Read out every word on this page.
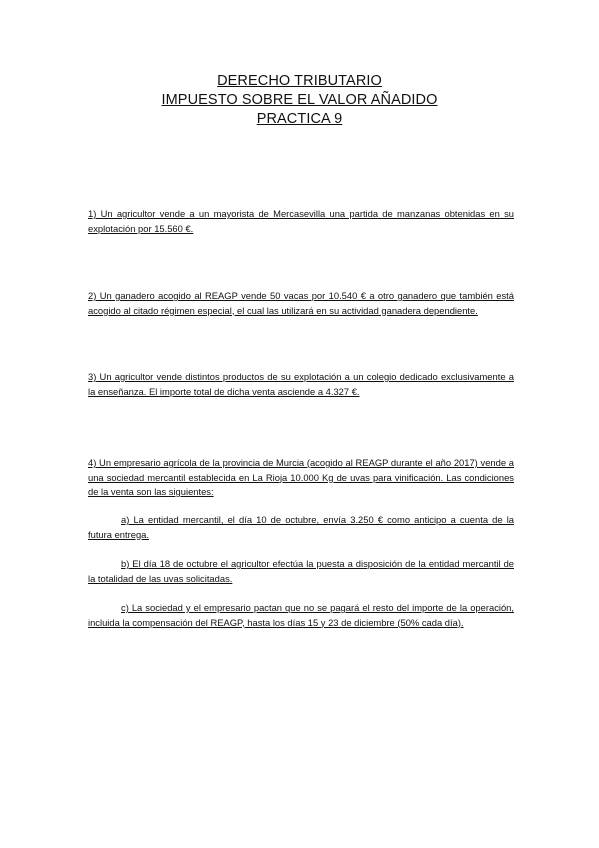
DERECHO TRIBUTARIO
IMPUESTO SOBRE EL VALOR AÑADIDO
PRACTICA 9

1) Un agricultor vende a un mayorista de Mercasevilla una partida de manzanas obtenidas en su explotación por 15.560 €.

2) Un ganadero acogido al REAGP vende 50 vacas por 10.540 € a otro ganadero que también está acogido al citado régimen especial, el cual las utilizará en su actividad ganadera dependiente.

3) Un agricultor vende distintos productos de su explotación a un colegio dedicado exclusivamente a la enseñanza. El importe total de dicha venta asciende a 4.327 €.

4) Un empresario agrícola de la provincia de Murcia (acogido al REAGP durante el año 2017) vende a una sociedad mercantil establecida en La Rioja 10.000 Kg de uvas para vinificación. Las condiciones de la venta son las siguientes:

a) La entidad mercantil, el día 10 de octubre, envía 3.250 € como anticipo a cuenta de la futura entrega.

b) El día 18 de octubre el agricultor efectúa la puesta a disposición de la entidad mercantil de la totalidad de las uvas solicitadas.

c) La sociedad y el empresario pactan que no se pagará el resto del importe de la operación, incluida la compensación del REAGP, hasta los días 15 y 23 de diciembre (50% cada día).
